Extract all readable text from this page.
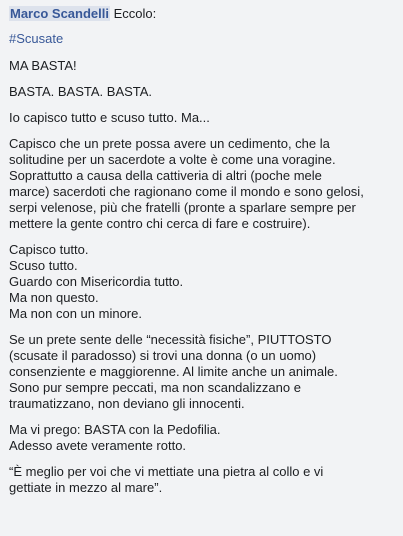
Marco Scandelli Eccolo:
#Scusate
MA BASTA!
BASTA. BASTA. BASTA.
Io capisco tutto e scuso tutto. Ma...
Capisco che un prete possa avere un cedimento, che la
solitudine per un sacerdote a volte è come una voragine.
Soprattutto a causa della cattiveria di altri (poche mele
marce) sacerdoti che ragionano come il mondo e sono gelosi,
serpi velenose, più che fratelli (pronte a sparlare sempre per
mettere la gente contro chi cerca di fare e costruire).
Capisco tutto.
Scuso tutto.
Guardo con Misericordia tutto.
Ma non questo.
Ma non con un minore.
Se un prete sente delle “necessità fisiche”, PIUTTOSTO
(scusate il paradosso) si trovi una donna (o un uomo)
consenziente e maggiorenne. Al limite anche un animale.
Sono pur sempre peccati, ma non scandalizzano e
traumatizzano, non deviano gli innocenti.
Ma vi prego: BASTA con la Pedofilia.
Adesso avete veramente rotto.
“È meglio per voi che vi mettiate una pietra al collo e vi
gettiate in mezzo al mare”.
